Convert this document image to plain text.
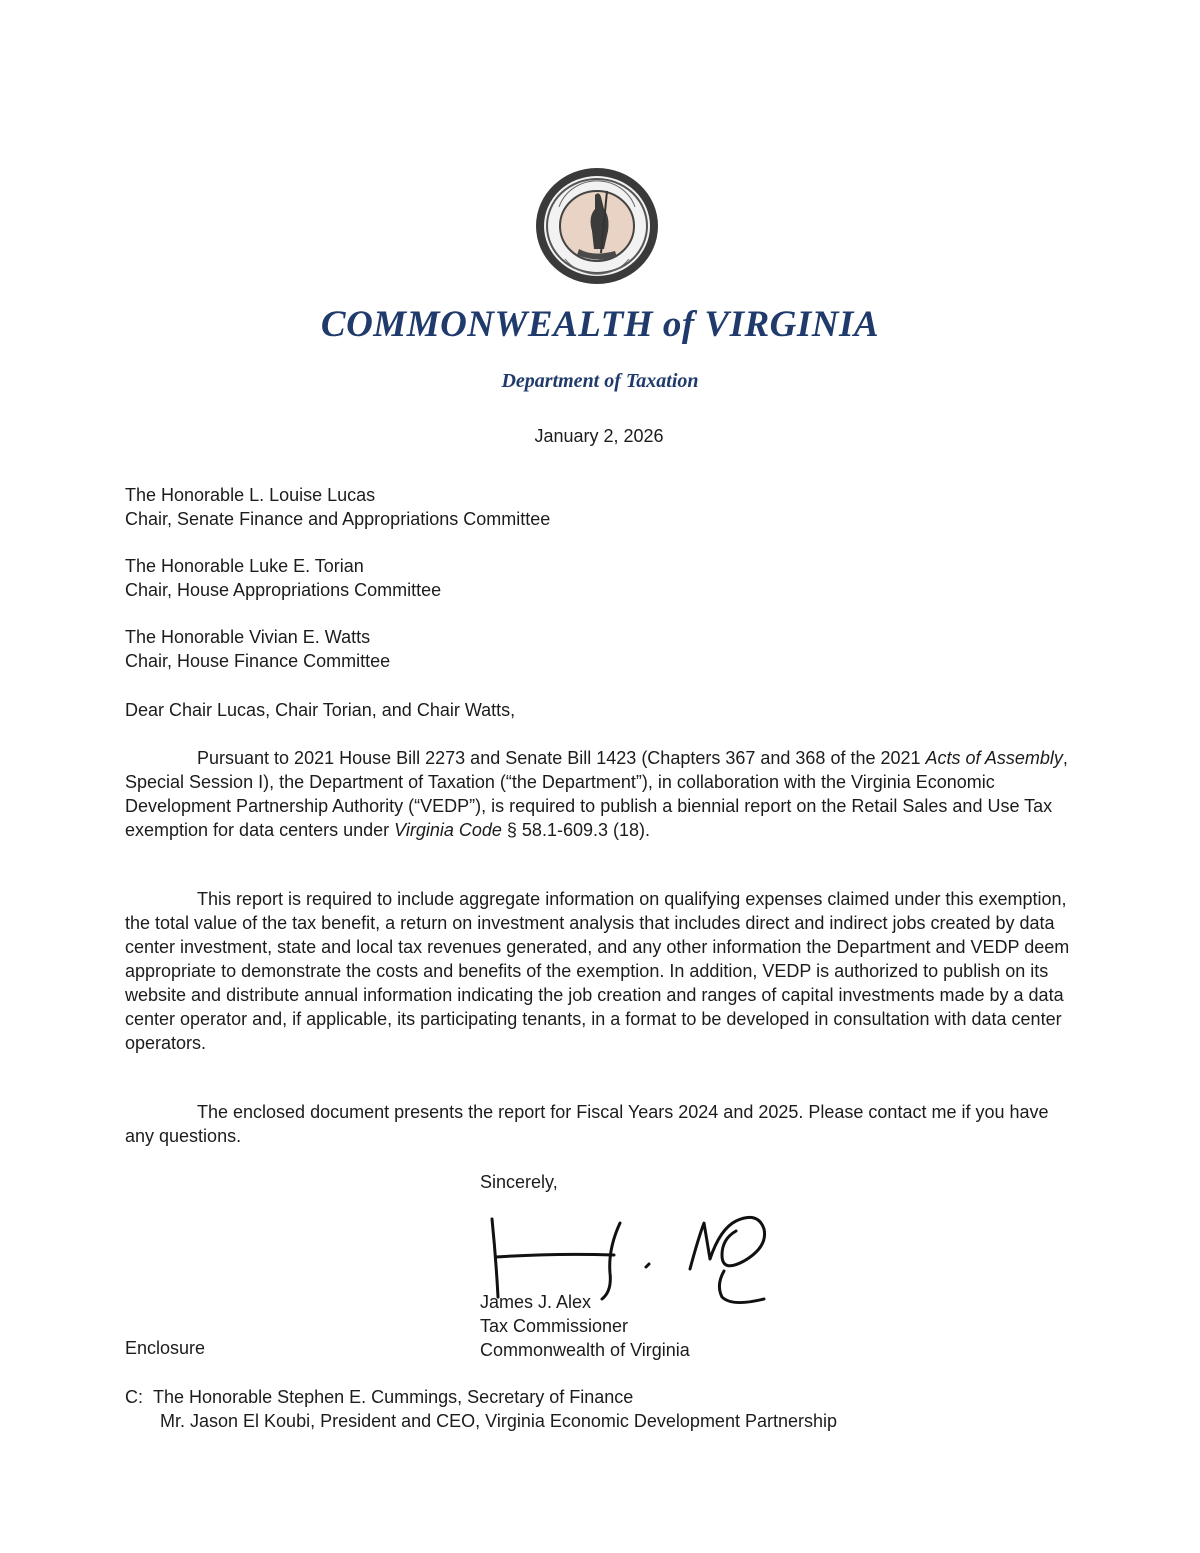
COMMONWEALTH of VIRGINIA
Department of Taxation
January 2, 2026
The Honorable L. Louise Lucas
Chair, Senate Finance and Appropriations Committee
The Honorable Luke E. Torian
Chair, House Appropriations Committee
The Honorable Vivian E. Watts
Chair, House Finance Committee
Dear Chair Lucas, Chair Torian, and Chair Watts,

Pursuant to 2021 House Bill 2273 and Senate Bill 1423 (Chapters 367 and 368 of the 2021 Acts of Assembly, Special Session I), the Department of Taxation (“the Department”), in collaboration with the Virginia Economic Development Partnership Authority (“VEDP”), is required to publish a biennial report on the Retail Sales and Use Tax exemption for data centers under Virginia Code § 58.1-609.3 (18).

This report is required to include aggregate information on qualifying expenses claimed under this exemption, the total value of the tax benefit, a return on investment analysis that includes direct and indirect jobs created by data center investment, state and local tax revenues generated, and any other information the Department and VEDP deem appropriate to demonstrate the costs and benefits of the exemption. In addition, VEDP is authorized to publish on its website and distribute annual information indicating the job creation and ranges of capital investments made by a data center operator and, if applicable, its participating tenants, in a format to be developed in consultation with data center operators.

The enclosed document presents the report for Fiscal Years 2024 and 2025. Please contact me if you have any questions.

Sincerely,
James J. Alex
Tax Commissioner
Commonwealth of Virginia
Enclosure
C: The Honorable Stephen E. Cummings, Secretary of Finance
Mr. Jason El Koubi, President and CEO, Virginia Economic Development Partnership
